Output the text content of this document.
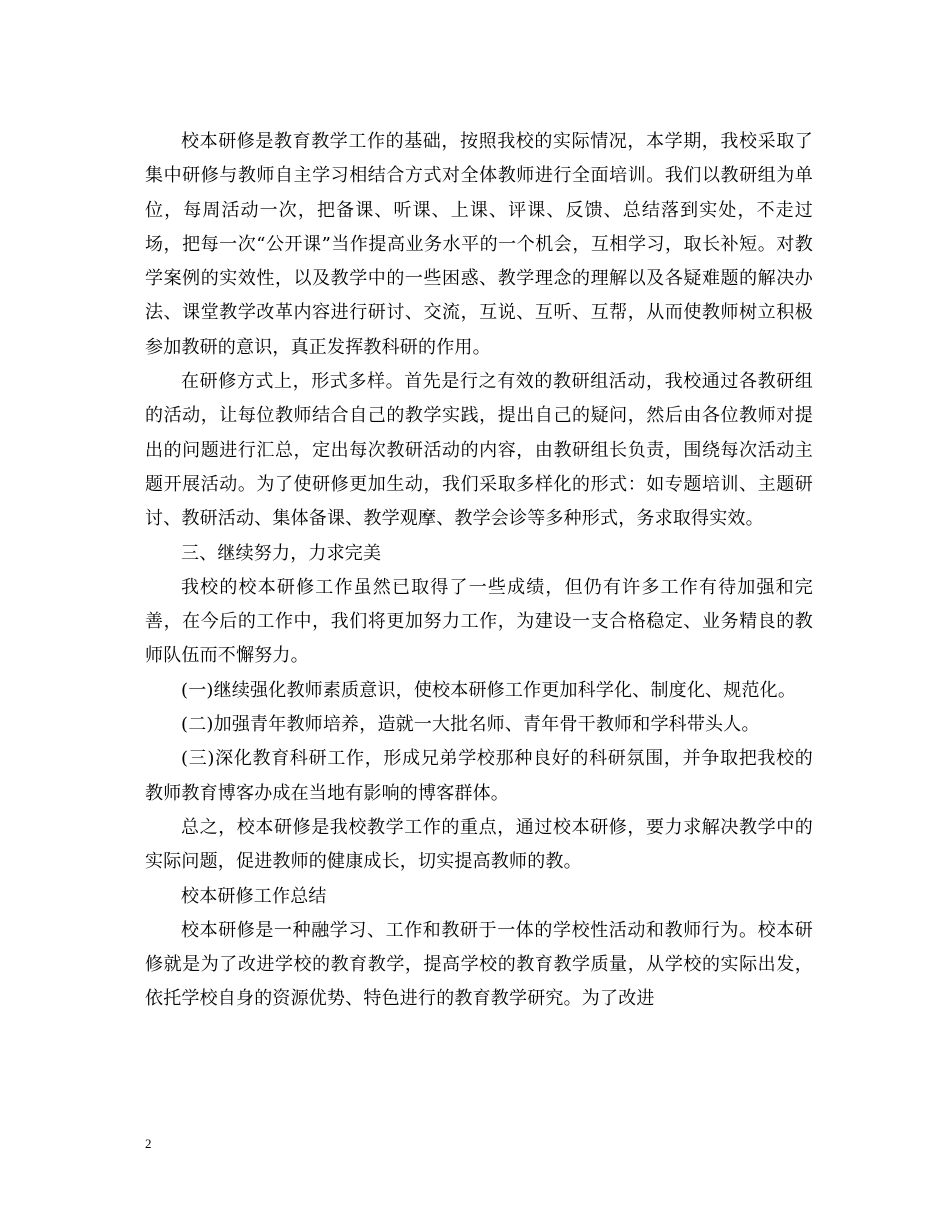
校本研修是教育教学工作的基础，按照我校的实际情况，本学期，我校采取了集中研修与教师自主学习相结合方式对全体教师进行全面培训。我们以教研组为单位，每周活动一次，把备课、听课、上课、评课、反馈、总结落到实处，不走过场，把每一次“公开课”当作提高业务水平的一个机会，互相学习，取长补短。对教学案例的实效性，以及教学中的一些困惑、教学理念的理解以及各疑难题的解决办法、课堂教学改革内容进行研讨、交流，互说、互听、互帮，从而使教师树立积极参加教研的意识，真正发挥教科研的作用。

在研修方式上，形式多样。首先是行之有效的教研组活动，我校通过各教研组的活动，让每位教师结合自己的教学实践，提出自己的疑问，然后由各位教师对提出的问题进行汇总，定出每次教研活动的内容，由教研组长负责，围绕每次活动主题开展活动。为了使研修更加生动，我们采取多样化的形式：如专题培训、主题研讨、教研活动、集体备课、教学观摩、教学会诊等多种形式，务求取得实效。

三、继续努力，力求完美

我校的校本研修工作虽然已取得了一些成绩，但仍有许多工作有待加强和完善，在今后的工作中，我们将更加努力工作，为建设一支合格稳定、业务精良的教师队伍而不懈努力。

(一)继续强化教师素质意识，使校本研修工作更加科学化、制度化、规范化。

(二)加强青年教师培养，造就一大批名师、青年骨干教师和学科带头人。

(三)深化教育科研工作，形成兄弟学校那种良好的科研氛围，并争取把我校的教师教育博客办成在当地有影响的博客群体。

总之，校本研修是我校教学工作的重点，通过校本研修，要力求解决教学中的实际问题，促进教师的健康成长，切实提高教师的教。

校本研修工作总结

校本研修是一种融学习、工作和教研于一体的学校性活动和教师行为。校本研修就是为了改进学校的教育教学，提高学校的教育教学质量，从学校的实际出发，依托学校自身的资源优势、特色进行的教育教学研究。为了改进

2
